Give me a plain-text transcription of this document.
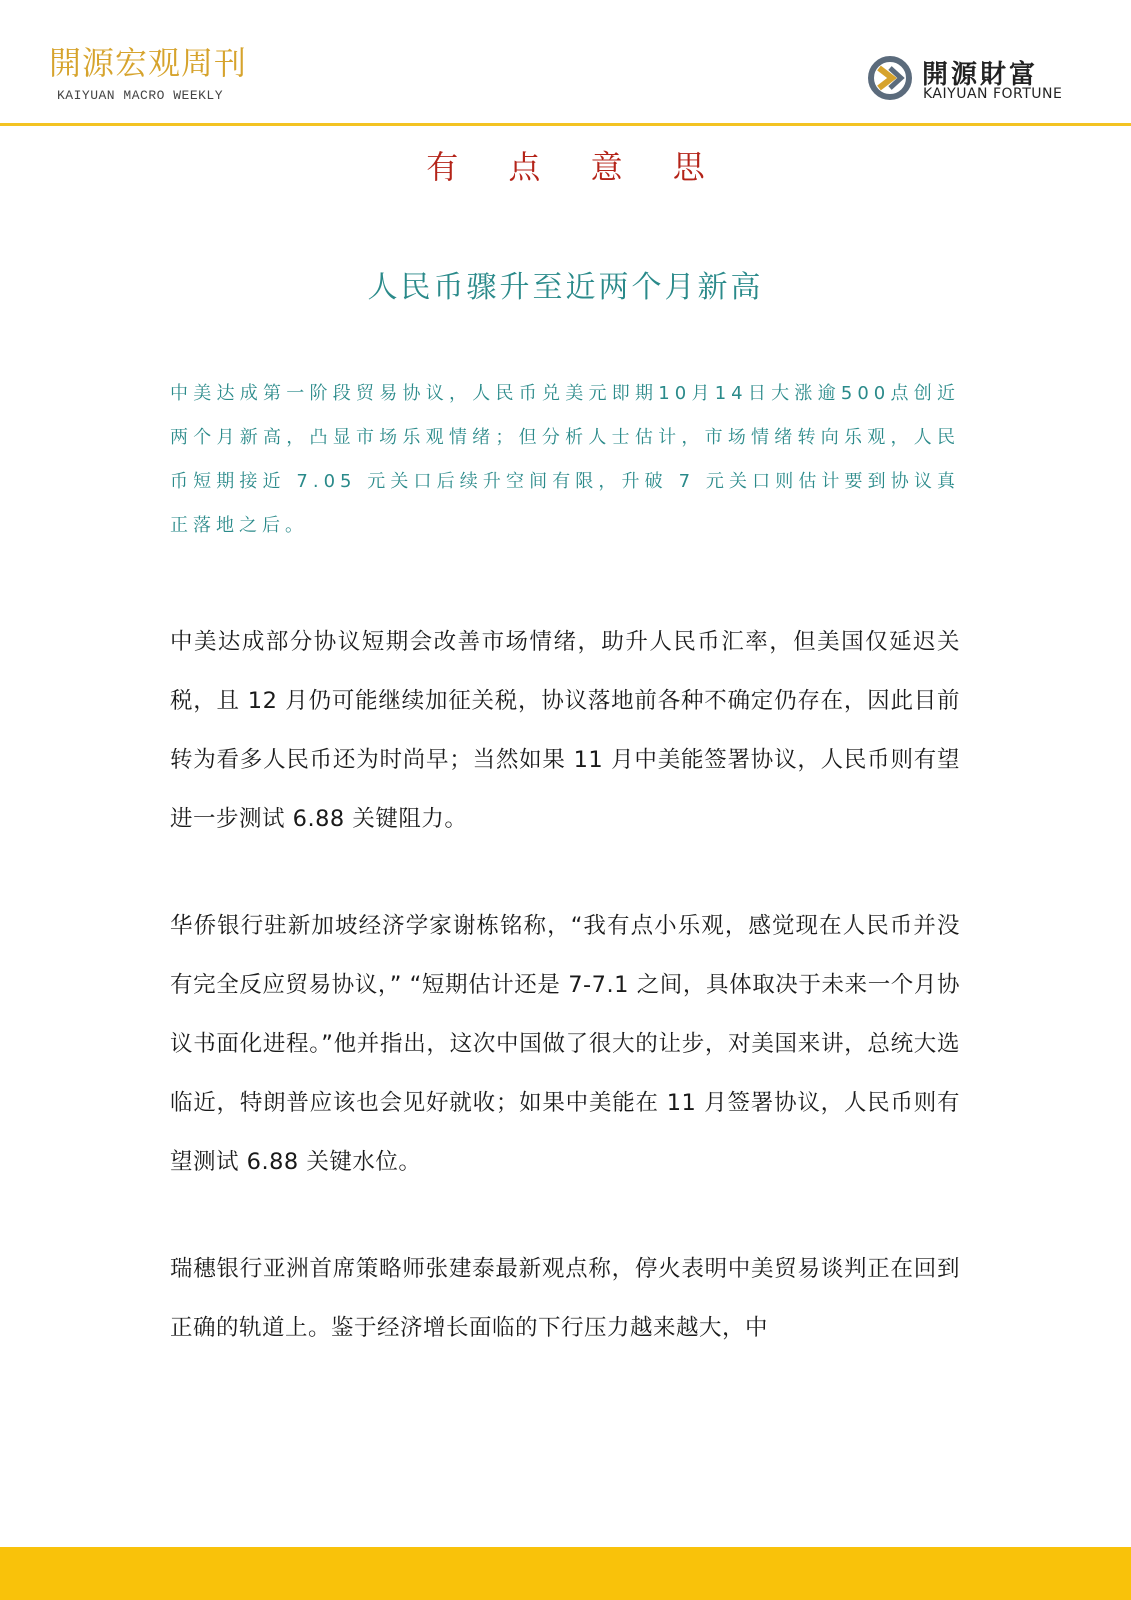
開源宏观周刊
KAIYUAN MACRO WEEKLY
開源財富
KAIYUAN FORTUNE
有 点 意 思
人民币骤升至近两个月新高

中美达成第一阶段贸易协议，人民币兑美元即期10月14日大涨逾500点创近两个月新高，凸显市场乐观情绪；但分析人士估计，市场情绪转向乐观，人民币短期接近 7.05 元关口后续升空间有限，升破 7 元关口则估计要到协议真正落地之后。

中美达成部分协议短期会改善市场情绪，助升人民币汇率，但美国仅延迟关税，且 12 月仍可能继续加征关税，协议落地前各种不确定仍存在，因此目前转为看多人民币还为时尚早；当然如果 11 月中美能签署协议，人民币则有望进一步测试 6.88 关键阻力。

华侨银行驻新加坡经济学家谢栋铭称，“我有点小乐观，感觉现在人民币并没有完全反应贸易协议，” “短期估计还是 7-7.1 之间，具体取决于未来一个月协议书面化进程。”他并指出，这次中国做了很大的让步，对美国来讲，总统大选临近，特朗普应该也会见好就收；如果中美能在 11 月签署协议，人民币则有望测试 6.88 关键水位。

瑞穗银行亚洲首席策略师张建泰最新观点称，停火表明中美贸易谈判正在回到正确的轨道上。鉴于经济增长面临的下行压力越来越大，中
